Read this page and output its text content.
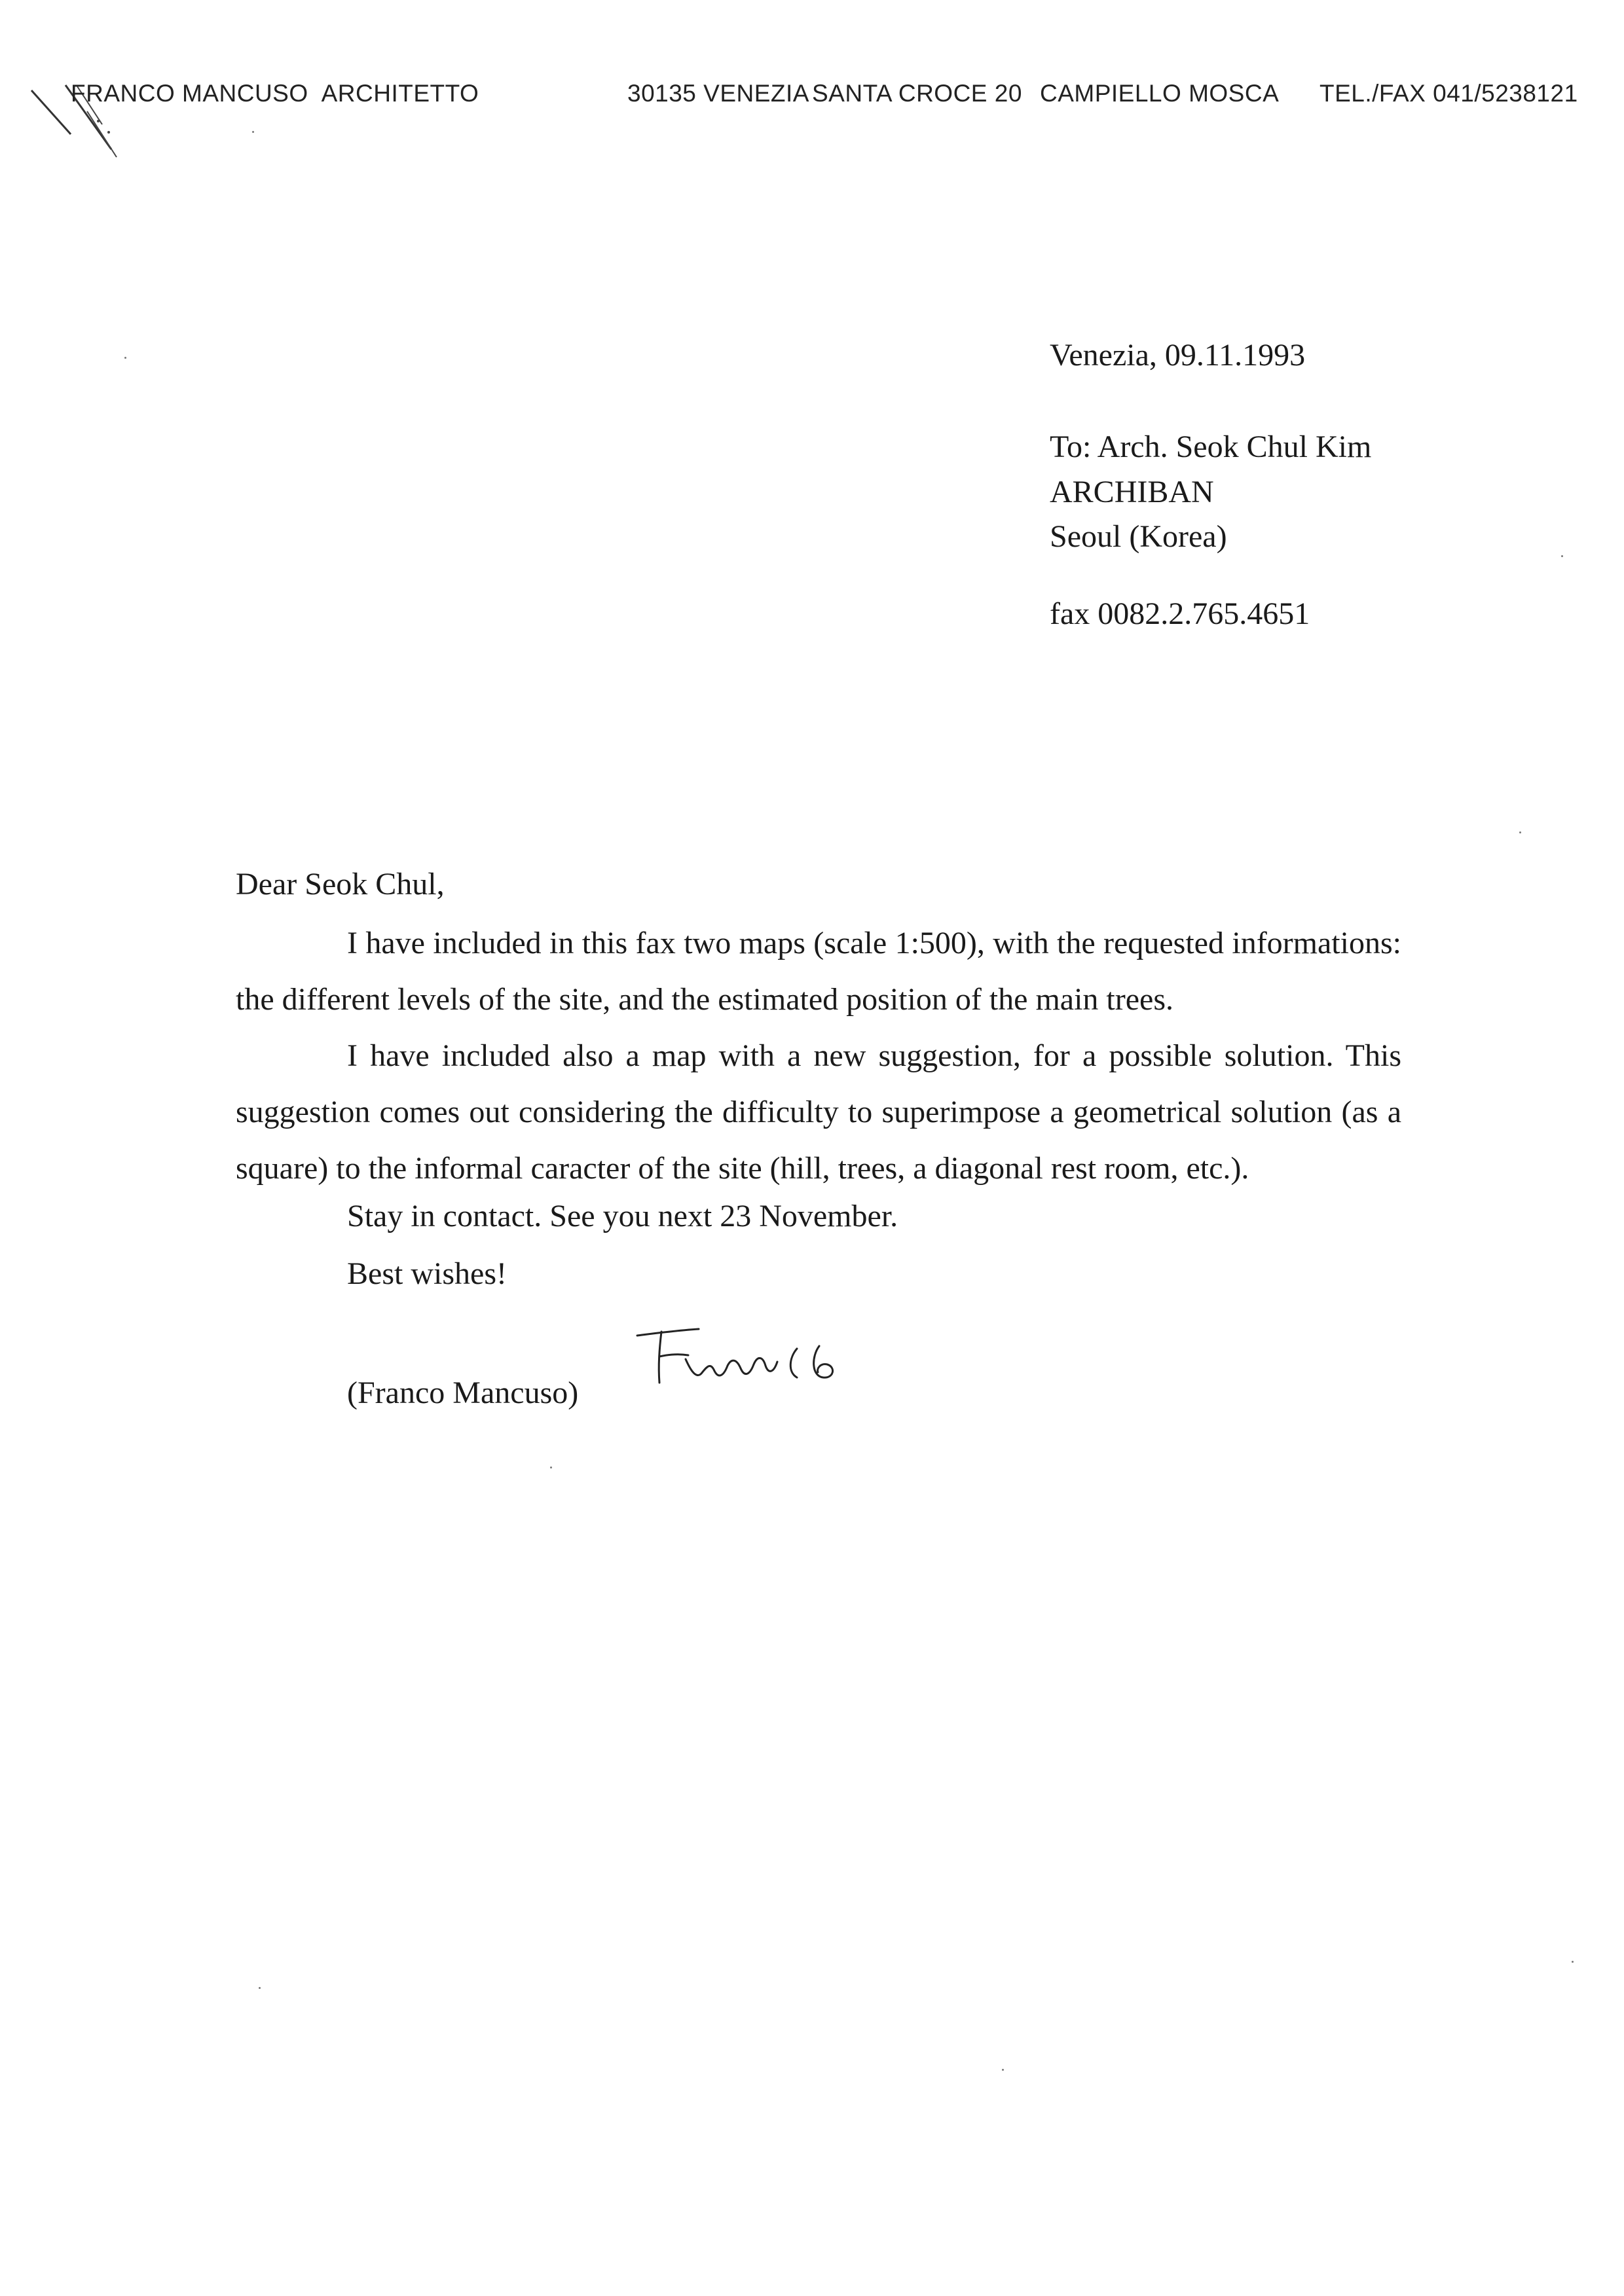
FRANCO MANCUSO ARCHITETTO	30135 VENEZIA SANTA CROCE 20 CAMPIELLO MOSCA TEL./FAX 041/5238121
Venezia, 09.11.1993
To: Arch. Seok Chul Kim
ARCHIBAN
Seoul (Korea)
fax 0082.2.765.4651
Dear Seok Chul,
I have included in this fax two maps (scale 1:500), with the requested informations: the different levels of the site, and the estimated position of the main trees.
I have included also a map with a new suggestion, for a possible solution. This suggestion comes out considering the difficulty to superimpose a geometrical solution (as a square) to the informal caracter of the site (hill, trees, a diagonal rest room, etc.).
Stay in contact. See you next 23 November.
Best wishes!
(Franco Mancuso)
